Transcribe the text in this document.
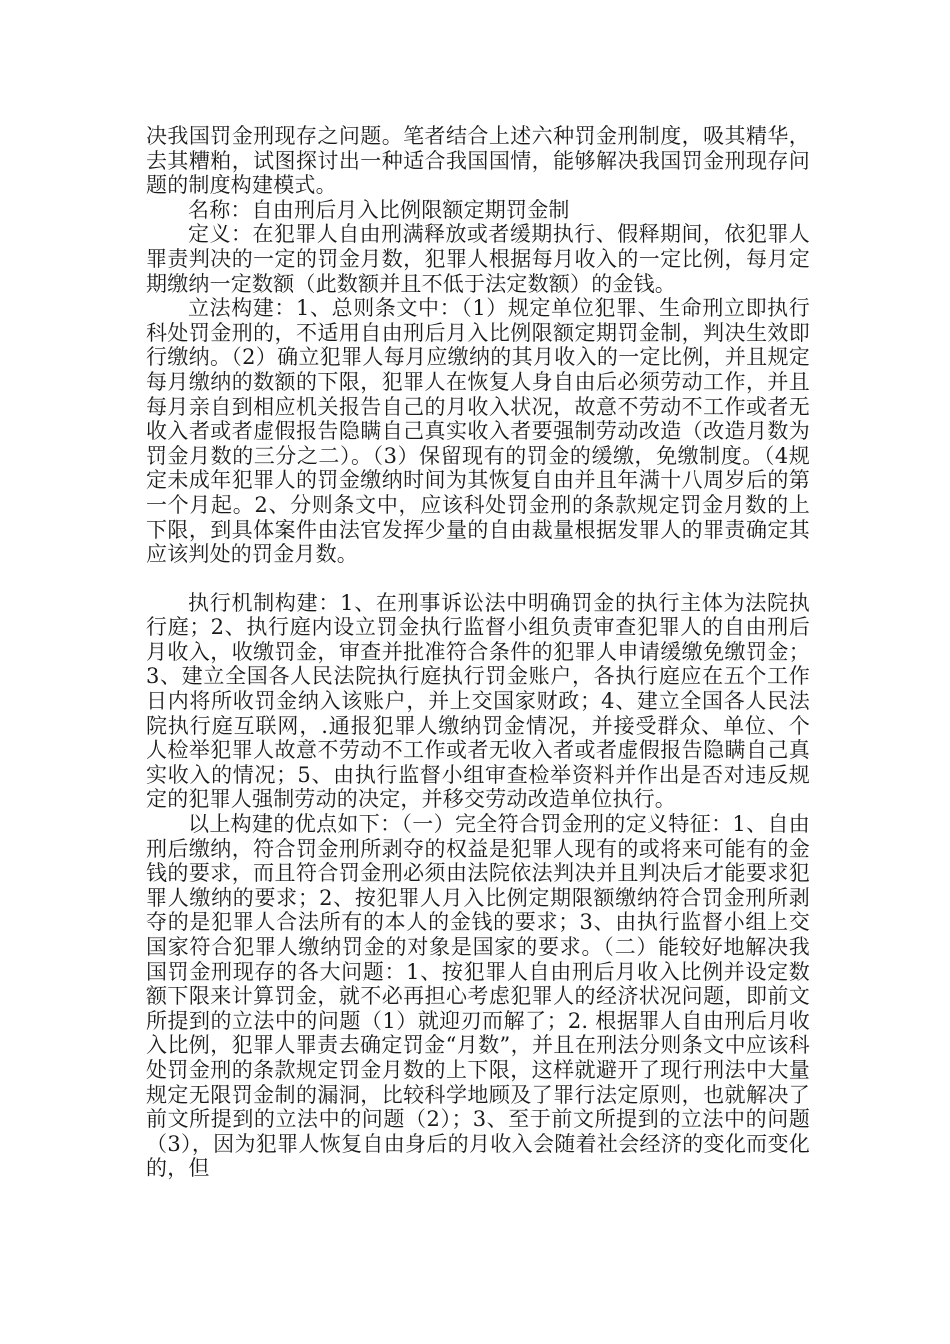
决我国罚金刑现存之问题。笔者结合上述六种罚金刑制度，吸其精华，去其糟粕，试图探讨出一种适合我国国情，能够解决我国罚金刑现存问题的制度构建模式。

名称：自由刑后月入比例限额定期罚金制

定义：在犯罪人自由刑满释放或者缓期执行、假释期间，依犯罪人罪责判决的一定的罚金月数，犯罪人根据每月收入的一定比例，每月定期缴纳一定数额（此数额并且不低于法定数额）的金钱。

立法构建：1、总则条文中：（1）规定单位犯罪、生命刑立即执行科处罚金刑的，不适用自由刑后月入比例限额定期罚金制，判决生效即行缴纳。（2）确立犯罪人每月应缴纳的其月收入的一定比例，并且规定每月缴纳的数额的下限，犯罪人在恢复人身自由后必须劳动工作，并且每月亲自到相应机关报告自己的月收入状况，故意不劳动不工作或者无收入者或者虚假报告隐瞒自己真实收入者要强制劳动改造（改造月数为罚金月数的三分之二）。（3）保留现有的罚金的缓缴，免缴制度。（4规定未成年犯罪人的罚金缴纳时间为其恢复自由并且年满十八周岁后的第一个月起。2、分则条文中，应该科处罚金刑的条款规定罚金月数的上下限，到具体案件由法官发挥少量的自由裁量根据发罪人的罪责确定其应该判处的罚金月数。

执行机制构建：1、在刑事诉讼法中明确罚金的执行主体为法院执行庭；2、执行庭内设立罚金执行监督小组负责审查犯罪人的自由刑后月收入，收缴罚金，审查并批准符合条件的犯罪人申请缓缴免缴罚金；3、建立全国各人民法院执行庭执行罚金账户，各执行庭应在五个工作日内将所收罚金纳入该账户，并上交国家财政；4、建立全国各人民法院执行庭互联网，.通报犯罪人缴纳罚金情况，并接受群众、单位、个人检举犯罪人故意不劳动不工作或者无收入者或者虚假报告隐瞒自己真实收入的情况；5、由执行监督小组审查检举资料并作出是否对违反规定的犯罪人强制劳动的决定，并移交劳动改造单位执行。

以上构建的优点如下：（一）完全符合罚金刑的定义特征：1、自由刑后缴纳，符合罚金刑所剥夺的权益是犯罪人现有的或将来可能有的金钱的要求，而且符合罚金刑必须由法院依法判决并且判决后才能要求犯罪人缴纳的要求；2、按犯罪人月入比例定期限额缴纳符合罚金刑所剥夺的是犯罪人合法所有的本人的金钱的要求；3、由执行监督小组上交国家符合犯罪人缴纳罚金的对象是国家的要求。（二）能较好地解决我国罚金刑现存的各大问题：1、按犯罪人自由刑后月收入比例并设定数额下限来计算罚金，就不必再担心考虑犯罪人的经济状况问题，即前文所提到的立法中的问题（1）就迎刃而解了；2. 根据罪人自由刑后月收入比例，犯罪人罪责去确定罚金“月数”，并且在刑法分则条文中应该科处罚金刑的条款规定罚金月数的上下限，这样就避开了现行刑法中大量规定无限罚金制的漏洞，比较科学地顾及了罪行法定原则，也就解决了前文所提到的立法中的问题（2）；3、至于前文所提到的立法中的问题（3），因为犯罪人恢复自由身后的月收入会随着社会经济的变化而变化的，但
